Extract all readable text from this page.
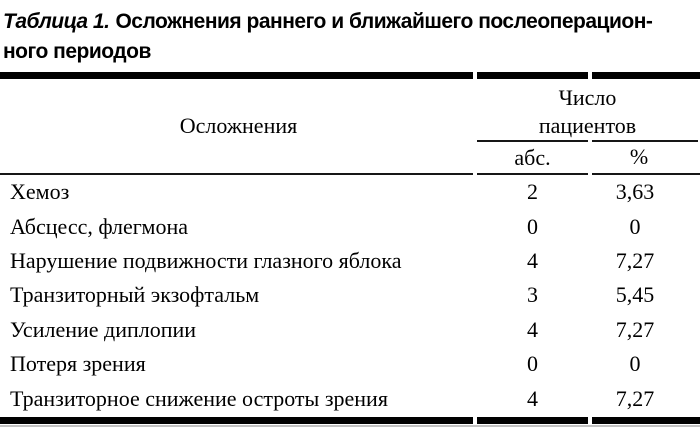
Таблица 1. Осложнения раннего и ближайшего послеоперацион-
ного периодов
Осложнения
Число
пациентов
абс.	%
Хемоз	2	3,63
Абсцесс, флегмона	0	0
Нарушение подвижности глазного яблока	4	7,27
Транзиторный экзофтальм	3	5,45
Усиление диплопии	4	7,27
Потеря зрения	0	0
Транзиторное снижение остроты зрения	4	7,27
